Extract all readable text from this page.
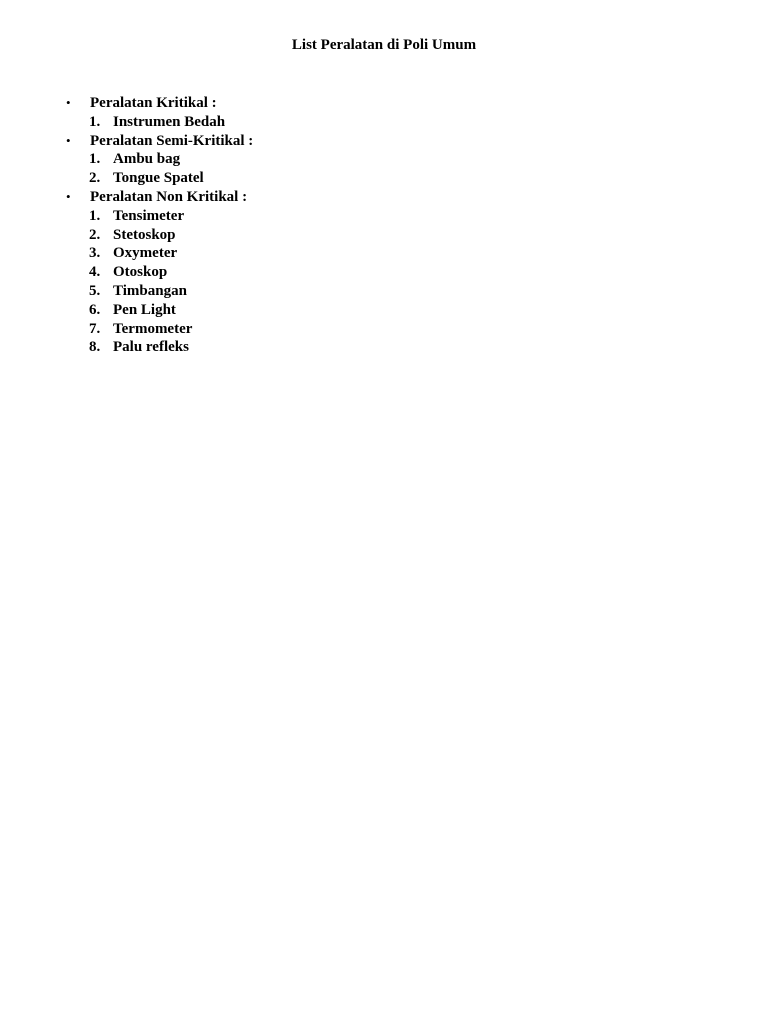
List Peralatan di Poli Umum
•	Peralatan Kritikal :
1. Instrumen Bedah
•	Peralatan Semi-Kritikal :
1. Ambu bag
2. Tongue Spatel
•	Peralatan Non Kritikal :
1. Tensimeter
2. Stetoskop
3. Oxymeter
4. Otoskop
5. Timbangan
6. Pen Light
7. Termometer
8. Palu refleks
